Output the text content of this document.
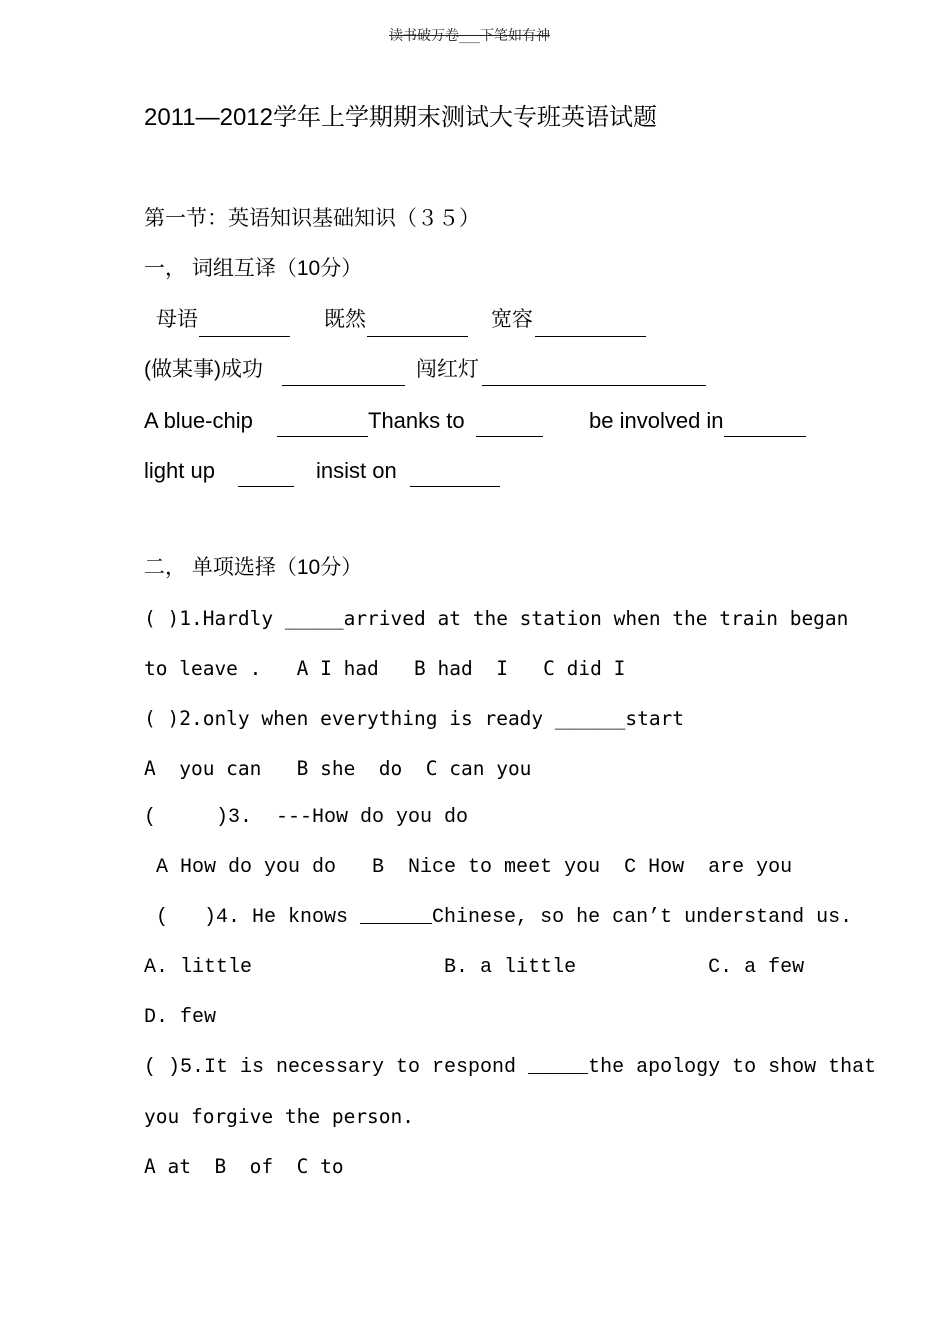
读书破万卷___下笔如有神
2011—2012学年上学期期末测试大专班英语试题
第一节：英语知识基础知识（３５）
一， 词组互译（10分）
母语	既然	宽容
(做某事)成功	闯红灯
A blue-chip	Thanks to	be involved in
light up	insist on
二， 单项选择（10分）
( )1.Hardly _____arrived at the station when the train began
to leave .   A I had   B had  I   C did I
( )2.only when everything is ready ______start
A  you can   B she  do  C can you
(     )3.  ---How do you do
A How do you do   B  Nice to meet you  C How  are you
(   )4. He knows ______Chinese, so he can’t understand us.
A. little                B. a little           C. a few
D. few
( )5.It is necessary to respond _____the apology to show that
you forgive the person.
A at  B  of  C to
